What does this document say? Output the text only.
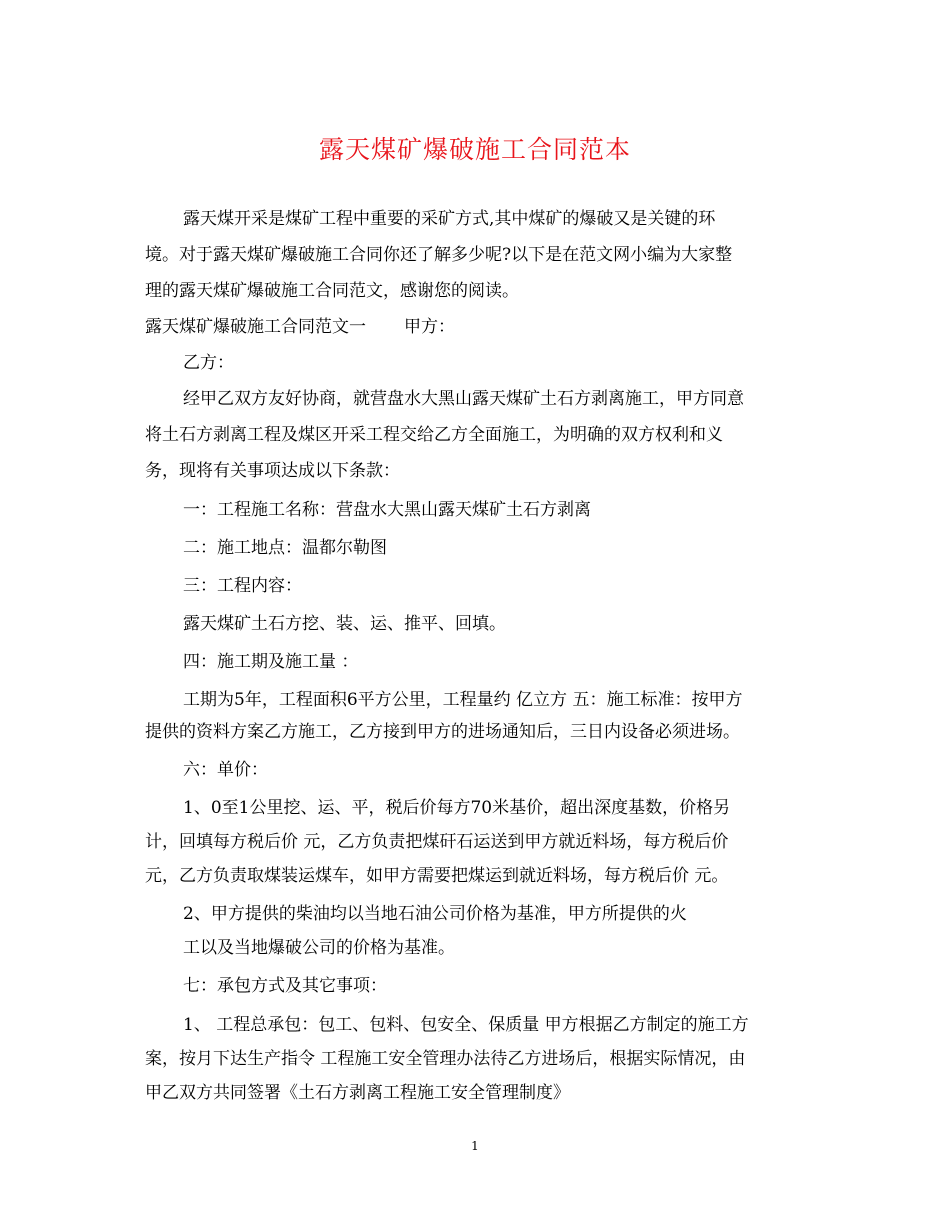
露天煤矿爆破施工合同范本

露天煤开采是煤矿工程中重要的采矿方式,其中煤矿的爆破又是关键的环

境。对于露天煤矿爆破施工合同你还了解多少呢?以下是在范文网小编为大家整

理的露天煤矿爆破施工合同范文，感谢您的阅读。

露天煤矿爆破施工合同范文一 甲方：

乙方：

经甲乙双方友好协商，就营盘水大黑山露天煤矿土石方剥离施工，甲方同意

将土石方剥离工程及煤区开采工程交给乙方全面施工，为明确的双方权利和义

务，现将有关事项达成以下条款：

一：工程施工名称：营盘水大黑山露天煤矿土石方剥离

二：施工地点：温都尔勒图

三：工程内容：

露天煤矿土石方挖、装、运、推平、回填。

四：施工期及施工量 ：

工期为5年，工程面积6平方公里，工程量约 亿立方 五：施工标准：按甲方

提供的资料方案乙方施工，乙方接到甲方的进场通知后，三日内设备必须进场。

六：单价：

1、0至1公里挖、运、平，税后价每方70米基价，超出深度基数，价格另

计，回填每方税后价 元，乙方负责把煤矸石运送到甲方就近料场，每方税后价

元，乙方负责取煤装运煤车，如甲方需要把煤运到就近料场，每方税后价 元。

2、甲方提供的柴油均以当地石油公司价格为基准，甲方所提供的火

工以及当地爆破公司的价格为基准。

七：承包方式及其它事项：

1、 工程总承包：包工、包料、包安全、保质量 甲方根据乙方制定的施工方

案，按月下达生产指令 工程施工安全管理办法待乙方进场后，根据实际情况，由

甲乙双方共同签署《土石方剥离工程施工安全管理制度》

1
